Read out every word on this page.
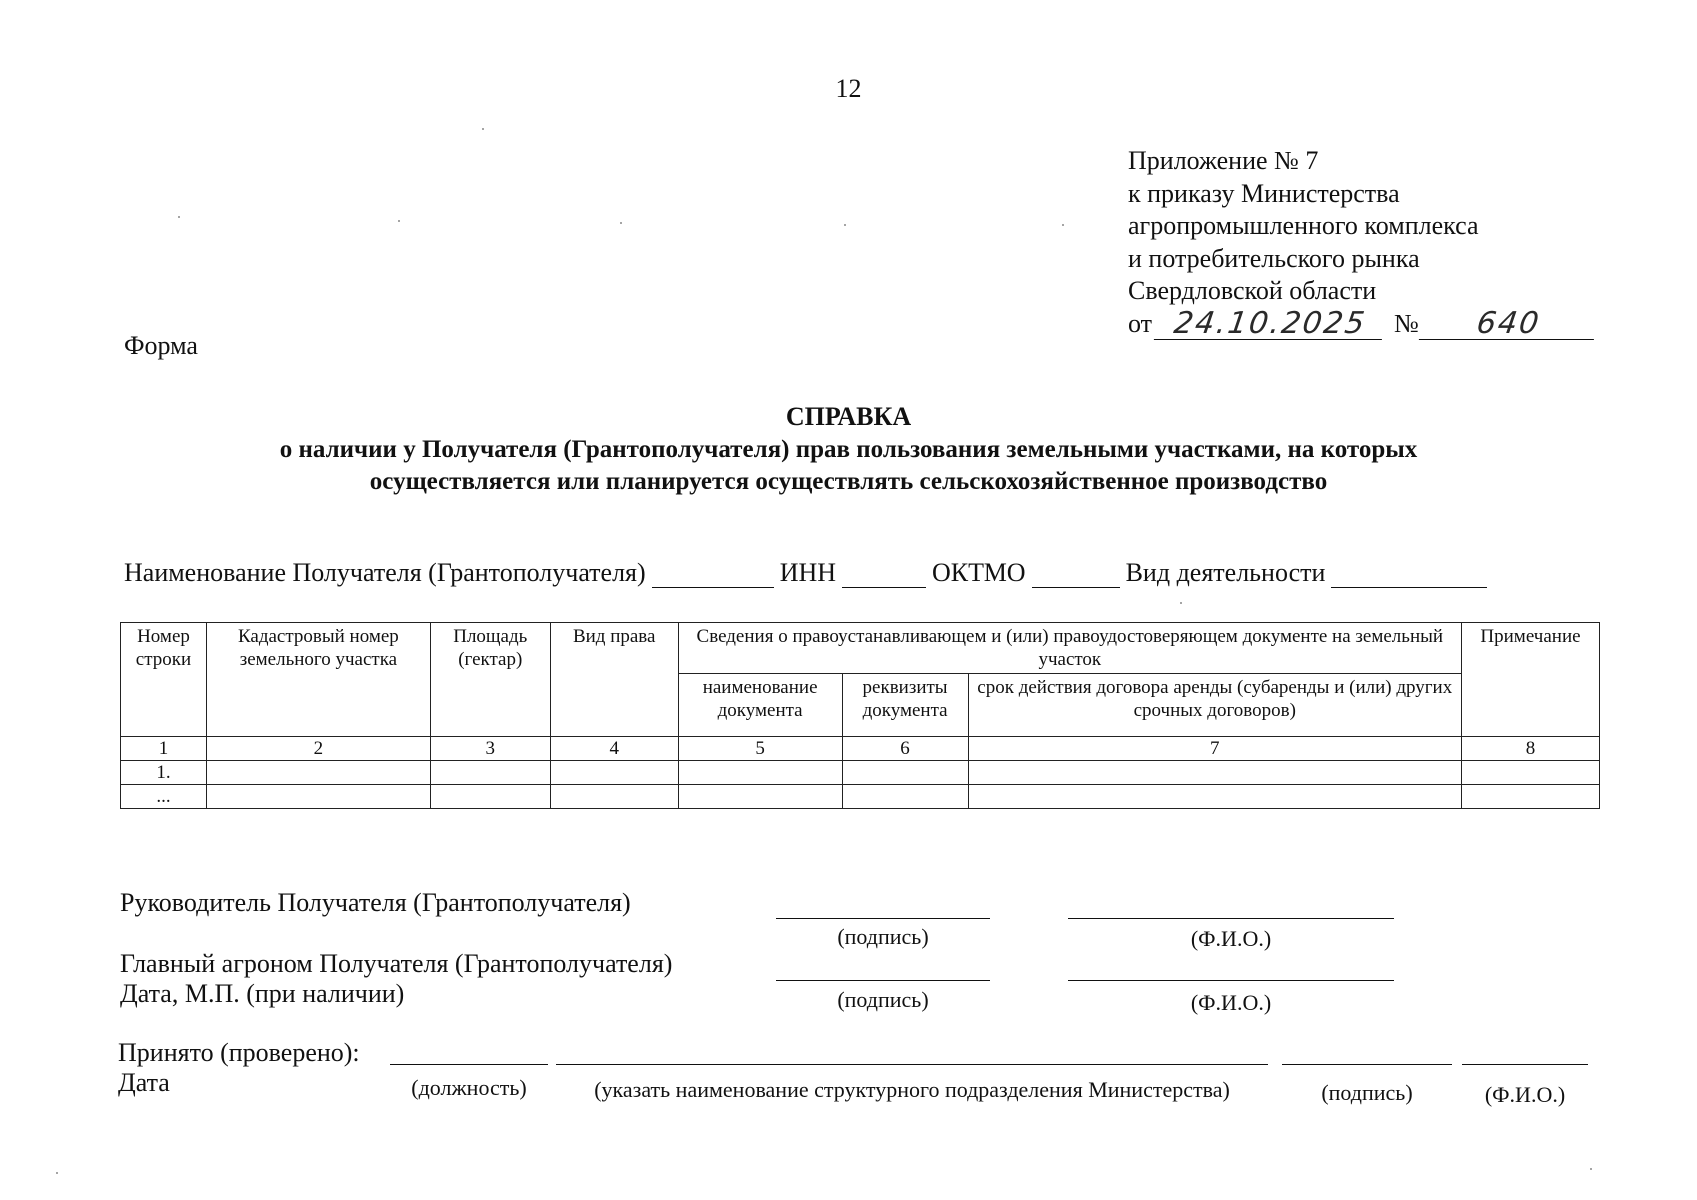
12
Приложение № 7
к приказу Министерства
агропромышленного комплекса
и потребительского рынка
Свердловской области
от 24.10.2025 №	640
Форма
СПРАВКА
о наличии у Получателя (Грантополучателя) прав пользования земельными участками, на которых осуществляется или планируется осуществлять сельскохозяйственное производство
Наименование Получателя (Грантополучателя)	ИНН	ОКТМО	Вид деятельности
Номер строки	Кадастровый номер земельного участка	Площадь (гектар)	Вид права	Сведения о правоустанавливающем и (или) правоудостоверяющем документе на земельный участок			Примечание
				наименование документа	реквизиты документа	срок действия договора аренды (субаренды и (или) других срочных договоров)	
1	2	3	4	5	6	7	8
1.							
...							
Руководитель Получателя (Грантополучателя)
(подпись)	(Ф.И.О.)
Главный агроном Получателя (Грантополучателя)
Дата, М.П. (при наличии)	(подпись)	(Ф.И.О.)
Принято (проверено):
Дата	(должность)	(указать наименование структурного подразделения Министерства)	(подпись)	(Ф.И.О.)
